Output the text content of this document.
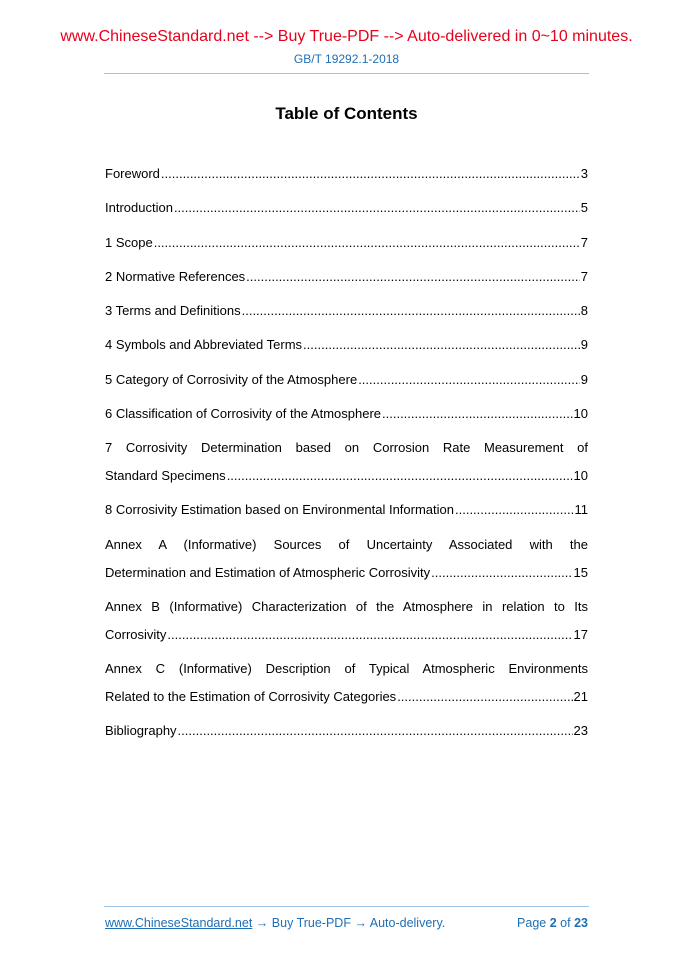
www.ChineseStandard.net --> Buy True-PDF --> Auto-delivered in 0~10 minutes.
GB/T 19292.1-2018
Table of Contents
Foreword .....	3
Introduction .....	5
1 Scope .....	7
2 Normative References .....	7
3 Terms and Definitions .....	8
4 Symbols and Abbreviated Terms .....	9
5 Category of Corrosivity of the Atmosphere .....	9
6 Classification of Corrosivity of the Atmosphere .....	10
7 Corrosivity Determination based on Corrosion Rate Measurement of
Standard Specimens .....	10
8 Corrosivity Estimation based on Environmental Information .....	11
Annex A (Informative) Sources of Uncertainty Associated with the
Determination and Estimation of Atmospheric Corrosivity .....	15
Annex B (Informative) Characterization of the Atmosphere in relation to Its
Corrosivity .....	17
Annex C (Informative) Description of Typical Atmospheric Environments
Related to the Estimation of Corrosivity Categories .....	21
Bibliography .....	23
www.ChineseStandard.net → Buy True-PDF → Auto-delivery.	Page 2 of 23
